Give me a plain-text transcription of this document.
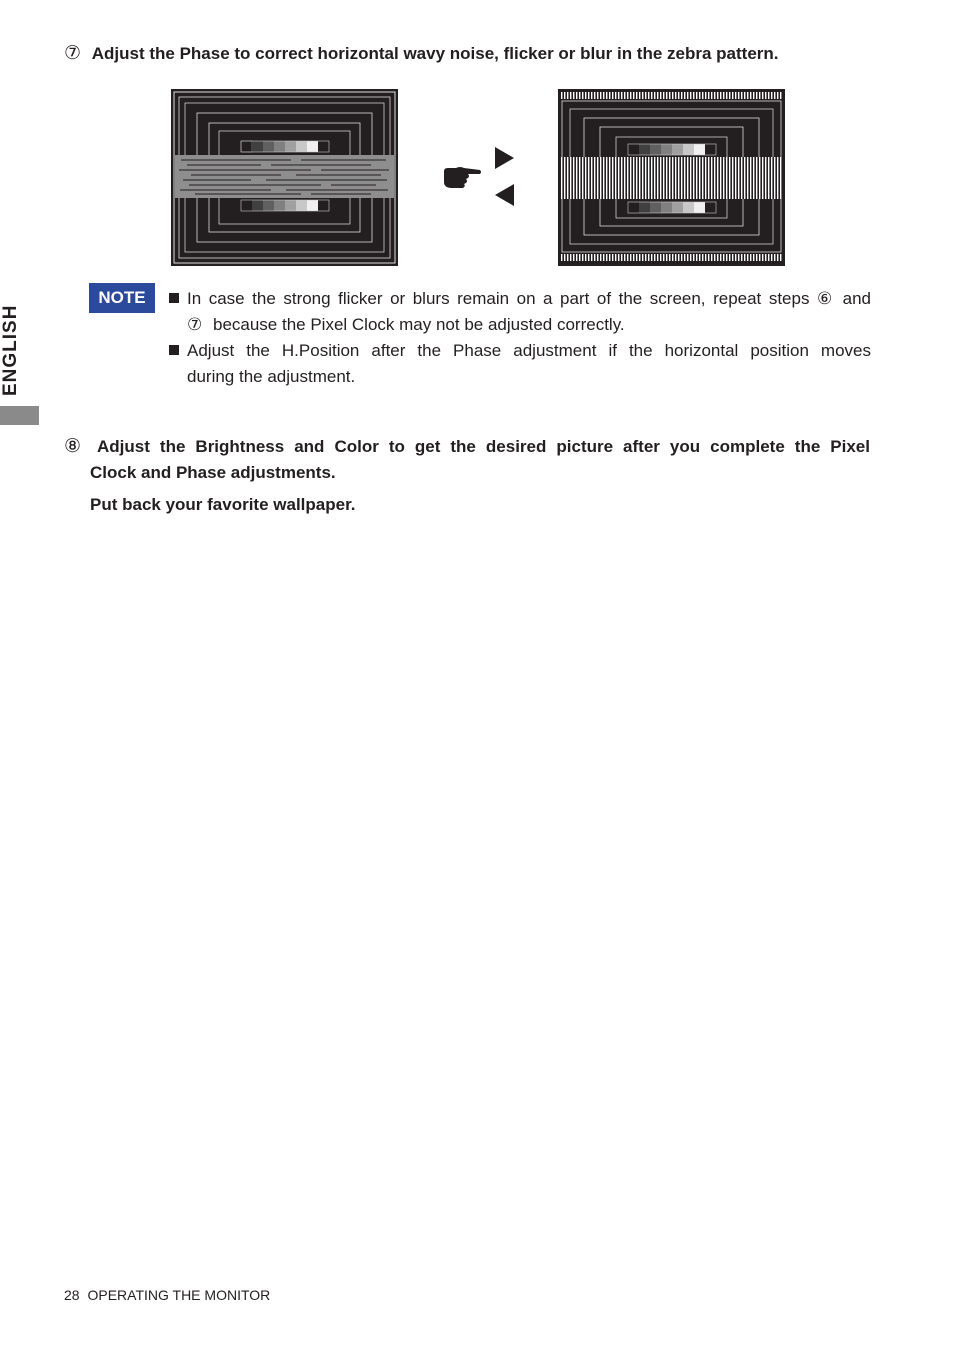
⑦ Adjust the Phase to correct horizontal wavy noise, flicker or blur in the zebra pattern.
NOTE	In case the strong flicker or blurs remain on a part of the screen, repeat steps ⑥ and
⑦ because the Pixel Clock may not be adjusted correctly.
Adjust the H.Position after the Phase adjustment if the horizontal position moves
during the adjustment.
ENGLISH
⑧ Adjust the Brightness and Color to get the desired picture after you complete the Pixel
Clock and Phase adjustments.
Put back your favorite wallpaper.
28 OPERATING THE MONITOR
